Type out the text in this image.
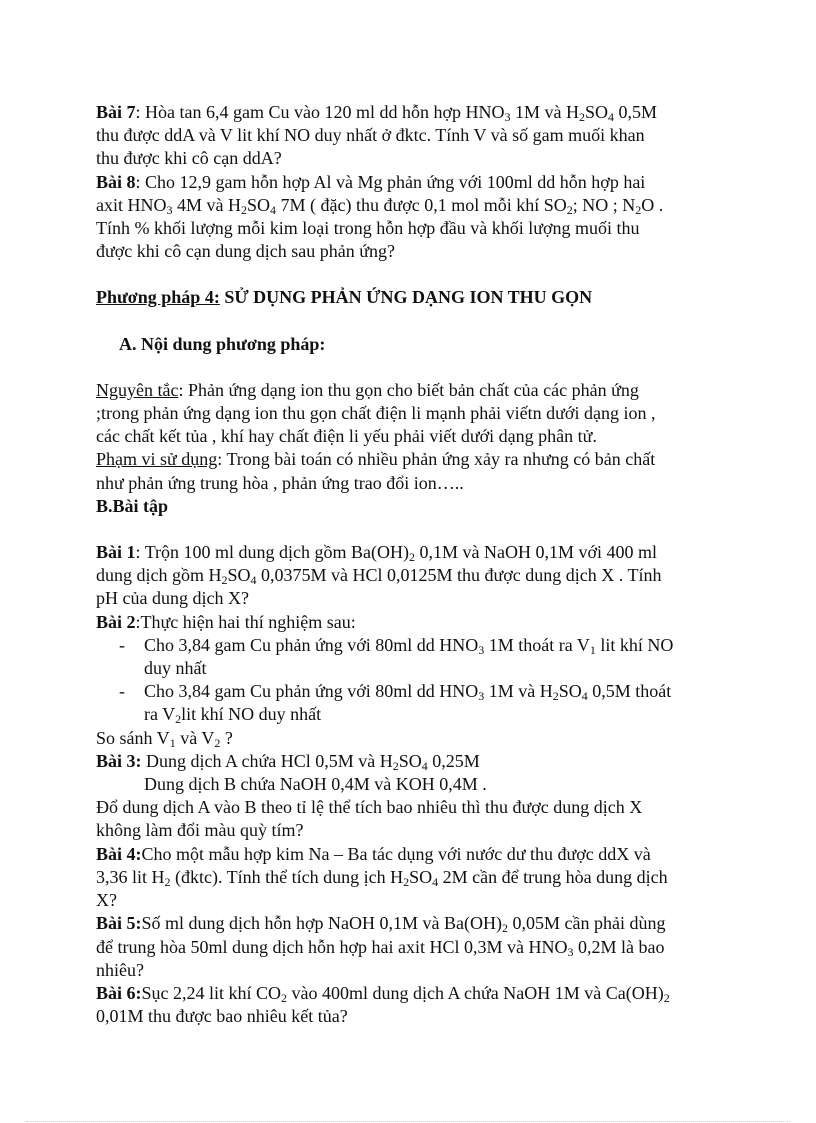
Bài 7: Hòa tan 6,4 gam Cu vào 120 ml dd hỗn hợp $HNO_3$ 1M và $H_2SO_4$ 0,5M
thu được ddA và V lit khí NO duy nhất ở đktc. Tính V và số gam muối khan
thu được khi cô cạn ddA?
Bài 8: Cho 12,9 gam hỗn hợp Al và Mg phản ứng với 100ml dd hỗn hợp hai
axit $HNO_3$ 4M và $H_2SO_4$ 7M ( đặc) thu được 0,1 mol mỗi khí $SO_2$; NO ; $N_2O$ .
Tính % khối lượng mỗi kim loại trong hỗn hợp đầu và khối lượng muối thu
được khi cô cạn dung dịch sau phản ứng?
Phương pháp 4: SỬ DỤNG PHẢN ỨNG DẠNG ION THU GỌN
A. Nội dung phương pháp:
Nguyên tắc: Phản ứng dạng ion thu gọn cho biết bản chất của các phản ứng
;trong phản ứng dạng ion thu gọn chất điện li mạnh phải viếtn dưới dạng ion ,
các chất kết tủa , khí hay chất điện li yếu phải viết dưới dạng phân tử.
Phạm vi sử dụng: Trong bài toán có nhiều phản ứng xảy ra nhưng có bản chất
như phản ứng trung hòa , phản ứng trao đổi ion…..
B.Bài tập
Bài 1: Trộn 100 ml dung dịch gồm $Ba(OH)_2$ 0,1M và NaOH 0,1M với 400 ml
dung dịch gồm $H_2SO_4$ 0,0375M và HCl 0,0125M thu được dung dịch X . Tính
pH của dung dịch X?
Bài 2:Thực hiện hai thí nghiệm sau:
- Cho 3,84 gam Cu phản ứng với 80ml dd $HNO_3$ 1M thoát ra $V_1$ lit khí NO
duy nhất
- Cho 3,84 gam Cu phản ứng với 80ml dd $HNO_3$ 1M và $H_2SO_4$ 0,5M thoát
ra $V_2lit$ khí NO duy nhất
So sánh $V_1$ và $V_2$ ?
Bài 3: Dung dịch A chứa HCl 0,5M và $H_2SO_4$ 0,25M
Dung dịch B chứa NaOH 0,4M và KOH 0,4M .
Đổ dung dịch A vào B theo tỉ lệ thể tích bao nhiêu thì thu được dung dịch X
không làm đổi màu quỳ tím?
Bài 4:Cho một mẫu hợp kim Na – Ba tác dụng với nước dư thu được ddX và
3,36 lit $H_2$ (đktc). Tính thể tích dung ịch $H_2SO_4$ 2M cần để trung hòa dung dịch
X?
Bài 5:Số ml dung dịch hỗn hợp NaOH 0,1M và $Ba(OH)_2$ 0,05M cần phải dùng
để trung hòa 50ml dung dịch hỗn hợp hai axit HCl 0,3M và $HNO_3$ 0,2M là bao
nhiêu?
Bài 6:Sục 2,24 lit khí $CO_2$ vào 400ml dung dịch A chứa NaOH 1M và $Ca(OH)_2$
0,01M thu được bao nhiêu kết tủa?
